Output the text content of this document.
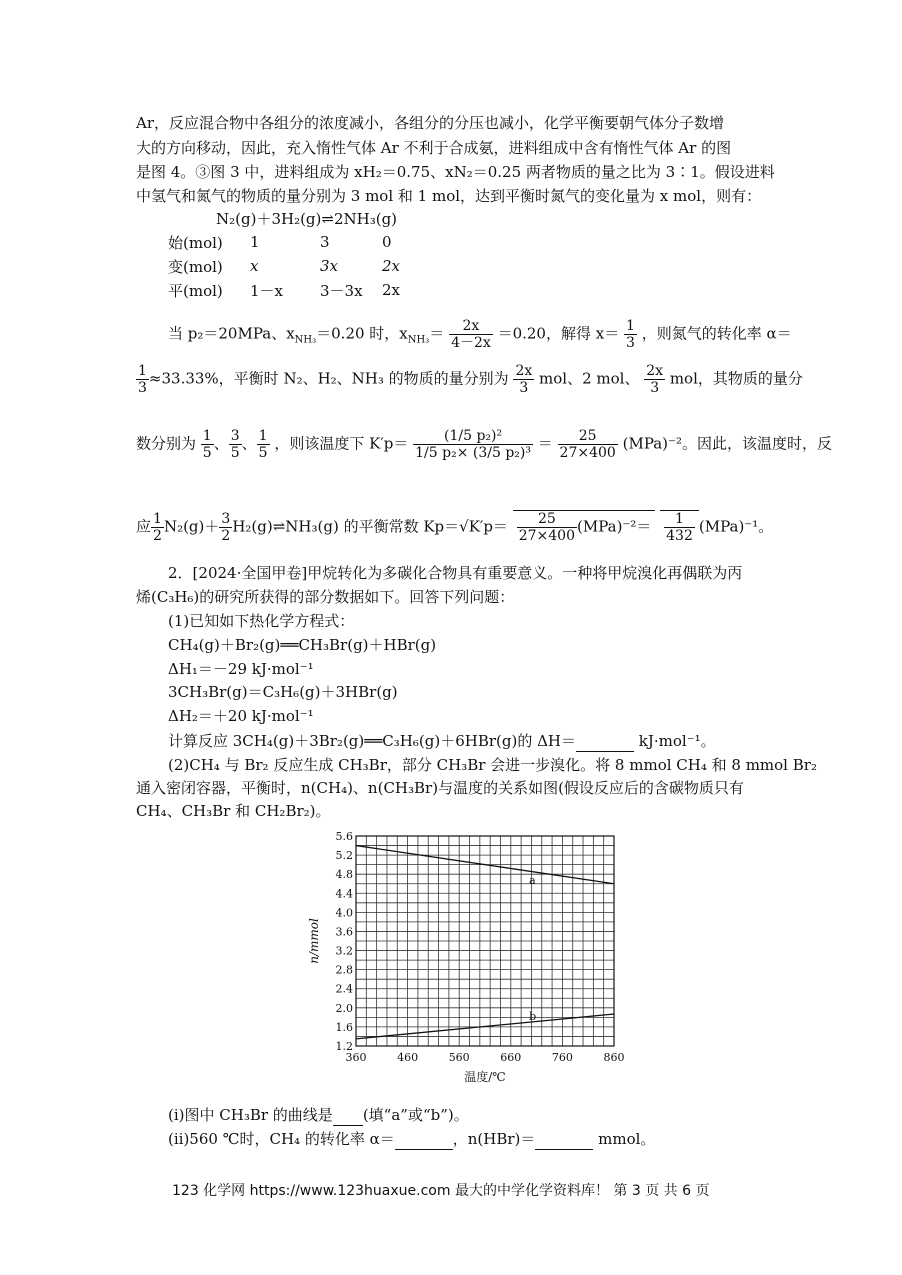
Ar，反应混合物中各组分的浓度减小，各组分的分压也减小，化学平衡要朝气体分子数增
大的方向移动，因此，充入惰性气体 Ar 不利于合成氨，进料组成中含有惰性气体 Ar 的图
是图 4。③图 3 中，进料组成为 xH₂＝0.75、xN₂＝0.25 两者物质的量之比为 3∶1。假设进料
中氢气和氮气的物质的量分别为 3 mol 和 1 mol，达到平衡时氮气的变化量为 x mol，则有：
N₂(g)＋3H₂(g)⇌2NH₃(g)
始(mol)	1	3	0
变(mol)	x	3x	2x
平(mol)	1－x	3－3x	2x
当 p₂＝20MPa、$x_{NH_3}=0.20$ 时，$x_{NH_3}= \frac{2x}{4-2x} =0.20$，解得 $x= \frac{1}{3}$ ，则氮气的转化率 α＝
$\frac{1}{3} \approx 33.33\%$，平衡时 N₂、H₂、NH₃ 的物质的量分别为 $\frac{2x}{3}$ mol、2 mol、 $\frac{2x}{3}$ mol，其物质的量分
数分别为 $\frac{1}{5}$ 、 $\frac{3}{5}$ 、 $\frac{1}{5}$ ，则该温度下 $K'p= \frac{\text{(1/5 p₂)²}}{\text{1/5 p₂× (3/5 p₂)³}} = \frac{25}{27\times 400} (MPa)^{-2}$。因此，该温度时，反
应 $\frac{1}{2} N_2(g)+ \frac{3}{2}$ H₂(g)⇌NH₃(g) 的平衡常数 $Kp=√K'p= \frac{25}{27\times 400} (MPa)^{-2}= \frac{1}{432} (MPa)^{-1}$。
2．[2024·全国甲卷]甲烷转化为多碳化合物具有重要意义。一种将甲烷溴化再偶联为丙
烯(C₃H₆)的研究所获得的部分数据如下。回答下列问题：
(1)已知如下热化学方程式：
CH₄(g)＋Br₂(g)══CH₃Br(g)＋HBr(g)
ΔH₁＝－29 kJ·mol⁻¹
3CH₃Br(g)＝C₃H₆(g)＋3HBr(g)
ΔH₂＝＋20 kJ·mol⁻¹
计算反应 3CH₄(g)＋3Br₂(g)══C₃H₆(g)＋6HBr(g)的 ΔH＝	kJ·mol⁻¹。
(2)CH₄ 与 Br₂ 反应生成 CH₃Br，部分 CH₃Br 会进一步溴化。将 8 mmol CH₄ 和 8 mmol Br₂
通入密闭容器，平衡时，n(CH₄)、n(CH₃Br)与温度的关系如图(假设反应后的含碳物质只有
CH₄、CH₃Br 和 CH₂Br₂)。
360	460	560	660	760	860
1.2
1.6
2.0
2.4
2.8
3.2
3.6
4.0
4.4
4.8
5.2
5.6
温度/℃
n/mmol
a
b
(ⅰ)图中 CH₃Br 的曲线是 (填“a”或“b”)。
(ⅱ)560 ℃时，CH₄ 的转化率 α＝	，n(HBr)＝	mmol。
123 化学网 https://www.123huaxue.com 最大的中学化学资料库！ 第 3 页 共 6 页
